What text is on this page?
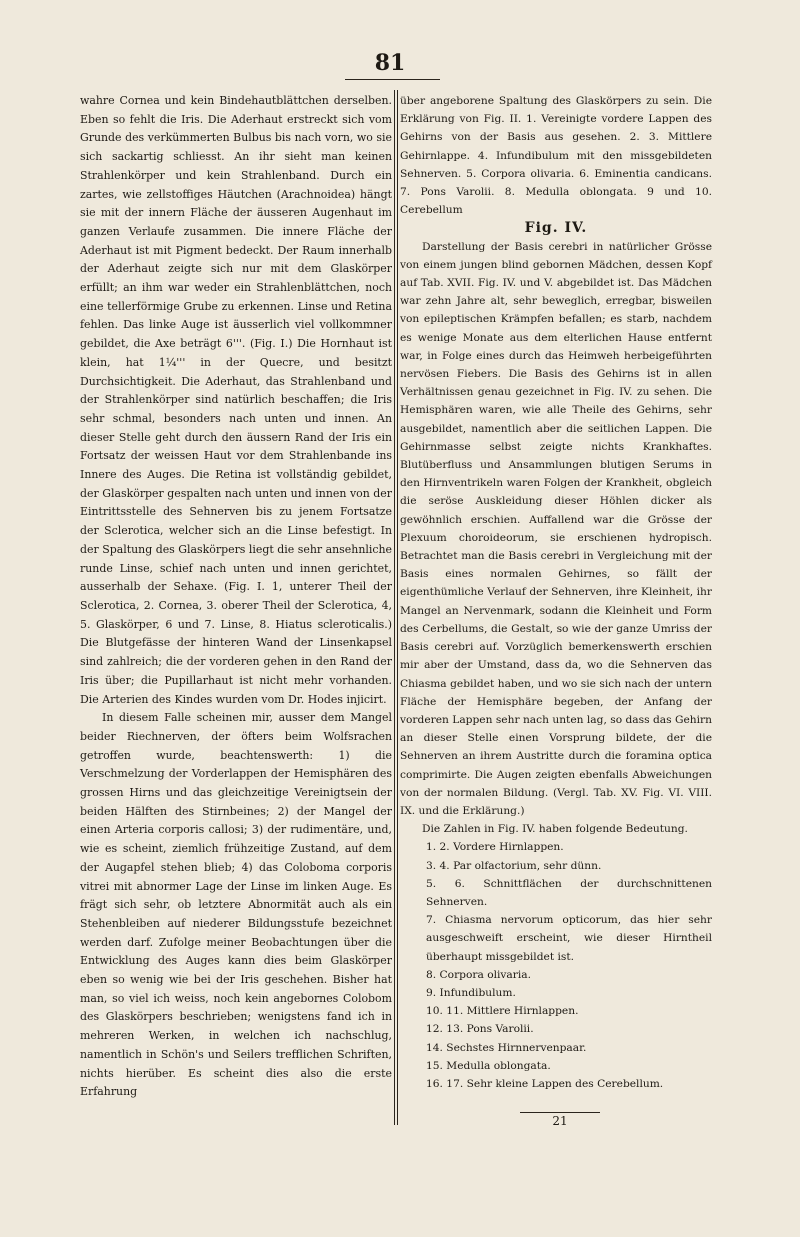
81

wahre Cornea und kein Bindehautblättchen derselben. Eben so fehlt die Iris. Die Aderhaut erstreckt sich vom Grunde des verkümmerten Bulbus bis nach vorn, wo sie sich sackartig schliesst. An ihr sieht man keinen Strahlenkörper und kein Strahlenband. Durch ein zartes, wie zellstoffiges Häutchen (Arachnoidea) hängt sie mit der innern Fläche der äusseren Augenhaut im ganzen Verlaufe zusammen. Die innere Fläche der Aderhaut ist mit Pigment bedeckt. Der Raum innerhalb der Aderhaut zeigte sich nur mit dem Glaskörper erfüllt; an ihm war weder ein Strahlenblättchen, noch eine tellerförmige Grube zu erkennen. Linse und Retina fehlen. Das linke Auge ist äusserlich viel vollkommner gebildet, die Axe beträgt 6'''. (Fig. I.) Die Hornhaut ist klein, hat 1¼''' in der Quecre, und besitzt Durchsichtigkeit. Die Aderhaut, das Strahlenband und der Strahlenkörper sind natürlich beschaffen; die Iris sehr schmal, besonders nach unten und innen. An dieser Stelle geht durch den äussern Rand der Iris ein Fortsatz der weissen Haut vor dem Strahlenbande ins Innere des Auges. Die Retina ist vollständig gebildet, der Glaskörper gespalten nach unten und innen von der Eintrittsstelle des Sehnerven bis zu jenem Fortsatze der Sclerotica, welcher sich an die Linse befestigt. In der Spaltung des Glaskörpers liegt die sehr ansehnliche runde Linse, schief nach unten und innen gerichtet, ausserhalb der Sehaxe. (Fig. I. 1, unterer Theil der Sclerotica, 2. Cornea, 3. oberer Theil der Sclerotica, 4, 5. Glaskörper, 6 und 7. Linse, 8. Hiatus scleroticalis.) Die Blutgefässe der hinteren Wand der Linsenkapsel sind zahlreich; die der vorderen gehen in den Rand der Iris über; die Pupillarhaut ist nicht mehr vorhanden. Die Arterien des Kindes wurden vom Dr. Hodes injicirt.

In diesem Falle scheinen mir, ausser dem Mangel beider Riechnerven, der öfters beim Wolfsrachen getroffen wurde, beachtenswerth: 1) die Verschmelzung der Vorderlappen der Hemisphären des grossen Hirns und das gleichzeitige Vereinigtsein der beiden Hälften des Stirnbeines; 2) der Mangel der einen Arteria corporis callosi; 3) der rudimentäre, und, wie es scheint, ziemlich frühzeitige Zustand, auf dem der Augapfel stehen blieb; 4) das Coloboma corporis vitrei mit abnormer Lage der Linse im linken Auge. Es frägt sich sehr, ob letztere Abnormität auch als ein Stehenbleiben auf niederer Bildungsstufe bezeichnet werden darf. Zufolge meiner Beobachtungen über die Entwicklung des Auges kann dies beim Glaskörper eben so wenig wie bei der Iris geschehen. Bisher hat man, so viel ich weiss, noch kein angebornes Colobom des Glaskörpers beschrieben; wenigstens fand ich in mehreren Werken, in welchen ich nachschlug, namentlich in Schön's und Seilers trefflichen Schriften, nichts hierüber. Es scheint dies also die erste Erfahrung

über angeborene Spaltung des Glaskörpers zu sein. Die Erklärung von Fig. II. 1. Vereinigte vordere Lappen des Gehirns von der Basis aus gesehen. 2. 3. Mittlere Gehirnlappe. 4. Infundibulum mit den missgebildeten Sehnerven. 5. Corpora olivaria. 6. Eminentia candicans. 7. Pons Varolii. 8. Medulla oblongata. 9 und 10. Cerebellum

Fig. IV.

Darstellung der Basis cerebri in natürlicher Grösse von einem jungen blind gebornen Mädchen, dessen Kopf auf Tab. XVII. Fig. IV. und V. abgebildet ist. Das Mädchen war zehn Jahre alt, sehr beweglich, erregbar, bisweilen von epileptischen Krämpfen befallen; es starb, nachdem es wenige Monate aus dem elterlichen Hause entfernt war, in Folge eines durch das Heimweh herbeigeführten nervösen Fiebers. Die Basis des Gehirns ist in allen Verhältnissen genau gezeichnet in Fig. IV. zu sehen. Die Hemisphären waren, wie alle Theile des Gehirns, sehr ausgebildet, namentlich aber die seitlichen Lappen. Die Gehirnmasse selbst zeigte nichts Krankhaftes. Blutüberfluss und Ansammlungen blutigen Serums in den Hirnventrikeln waren Folgen der Krankheit, obgleich die seröse Auskleidung dieser Höhlen dicker als gewöhnlich erschien. Auffallend war die Grösse der Plexuum choroideorum, sie erschienen hydropisch. Betrachtet man die Basis cerebri in Vergleichung mit der Basis eines normalen Gehirnes, so fällt der eigenthümliche Verlauf der Sehnerven, ihre Kleinheit, ihr Mangel an Nervenmark, sodann die Kleinheit und Form des Cerbellums, die Gestalt, so wie der ganze Umriss der Basis cerebri auf. Vorzüglich bemerkenswerth erschien mir aber der Umstand, dass da, wo die Sehnerven das Chiasma gebildet haben, und wo sie sich nach der untern Fläche der Hemisphäre begeben, der Anfang der vorderen Lappen sehr nach unten lag, so dass das Gehirn an dieser Stelle einen Vorsprung bildete, der die Sehnerven an ihrem Austritte durch die foramina optica comprimirte. Die Augen zeigten ebenfalls Abweichungen von der normalen Bildung. (Vergl. Tab. XV. Fig. VI. VIII. IX. und die Erklärung.)

Die Zahlen in Fig. IV. haben folgende Bedeutung.

1. 2. Vordere Hirnlappen.
3. 4. Par olfactorium, sehr dünn.
5. 6. Schnittflächen der durchschnittenen Sehnerven.
7. Chiasma nervorum opticorum, das hier sehr ausgeschweift erscheint, wie dieser Hirntheil überhaupt missgebildet ist.
8. Corpora olivaria.
9. Infundibulum.
10. 11. Mittlere Hirnlappen.
12. 13. Pons Varolii.
14. Sechstes Hirnnervenpaar.
15. Medulla oblongata.
16. 17. Sehr kleine Lappen des Cerebellum.
21
